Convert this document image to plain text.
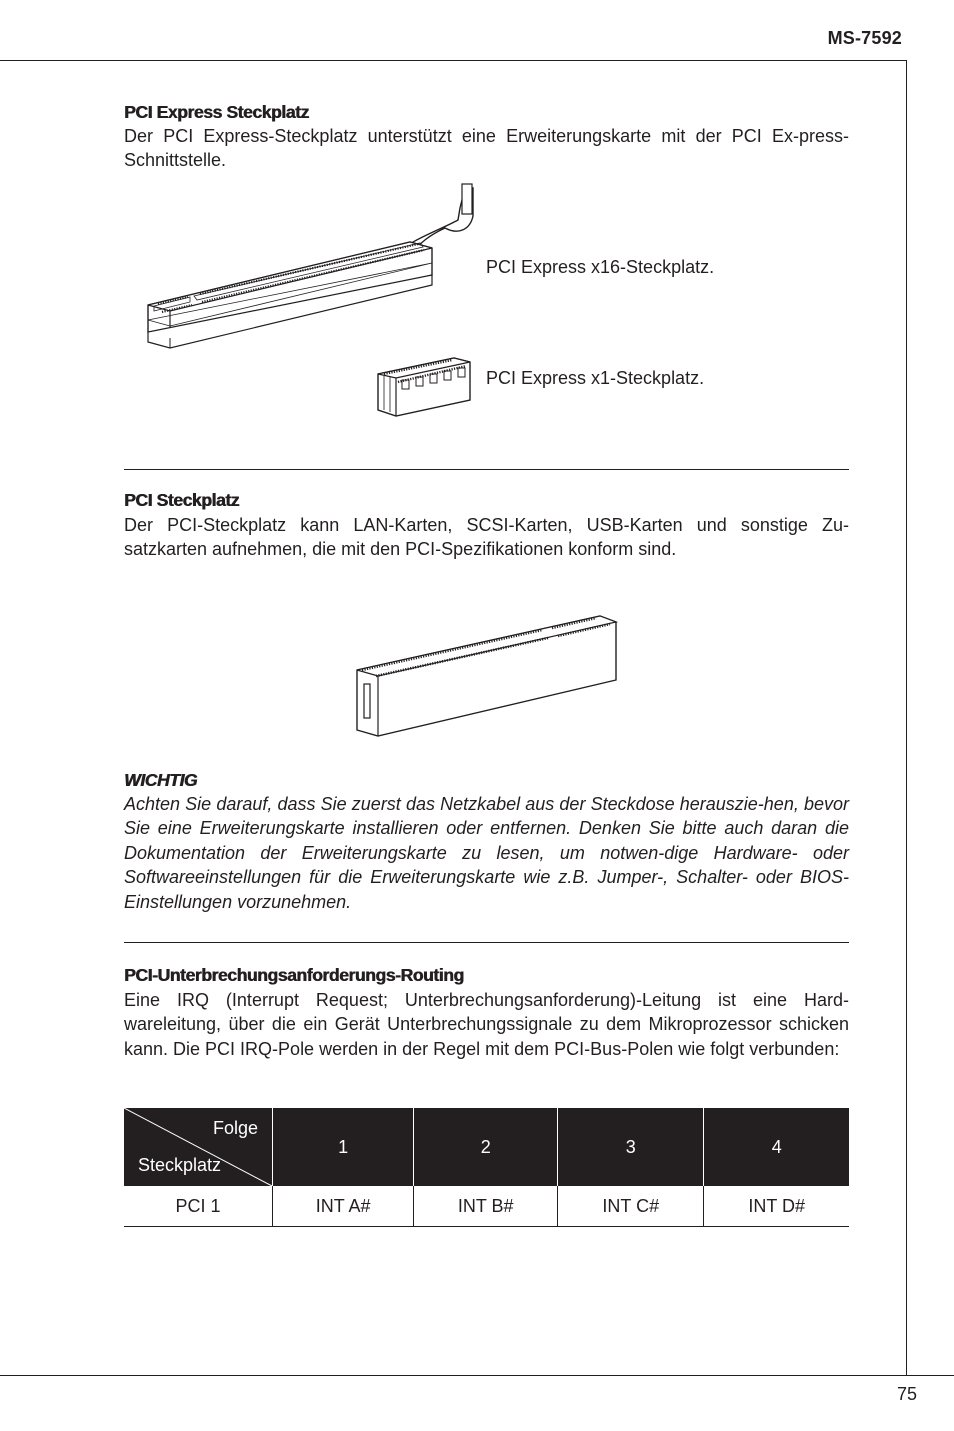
MS-7592
75
PCI Express Steckplatz
Der PCI Express-Steckplatz unterstützt eine Erweiterungskarte mit der PCI Ex-press-Schnittstelle.
PCI Express x16-Steckplatz.
PCI Express x1-Steckplatz.
PCI Steckplatz
Der PCI-Steckplatz kann LAN-Karten, SCSI-Karten, USB-Karten und sonstige Zu-satzkarten aufnehmen, die mit den PCI-Spezifikationen konform sind.
WICHTIG
Achten Sie darauf, dass Sie zuerst das Netzkabel aus der Steckdose herauszie-hen, bevor Sie eine Erweiterungskarte installieren oder entfernen. Denken Sie bitte auch daran die Dokumentation der Erweiterungskarte zu lesen, um notwen-dige Hardware- oder Softwareeinstellungen für die Erweiterungskarte wie z.B. Jumper-, Schalter- oder BIOS-Einstellungen vorzunehmen.
PCI-Unterbrechungsanforderungs-Routing
Eine IRQ (Interrupt Request; Unterbrechungsanforderung)-Leitung ist eine Hard-wareleitung, über die ein Gerät Unterbrechungssignale zu dem Mikroprozessor schicken kann. Die PCI IRQ-Pole werden in der Regel mit dem PCI-Bus-Polen wie folgt verbunden:
Folge
Steckplatz	1	2	3	4
PCI 1	INT A#	INT B#	INT C#	INT D#
